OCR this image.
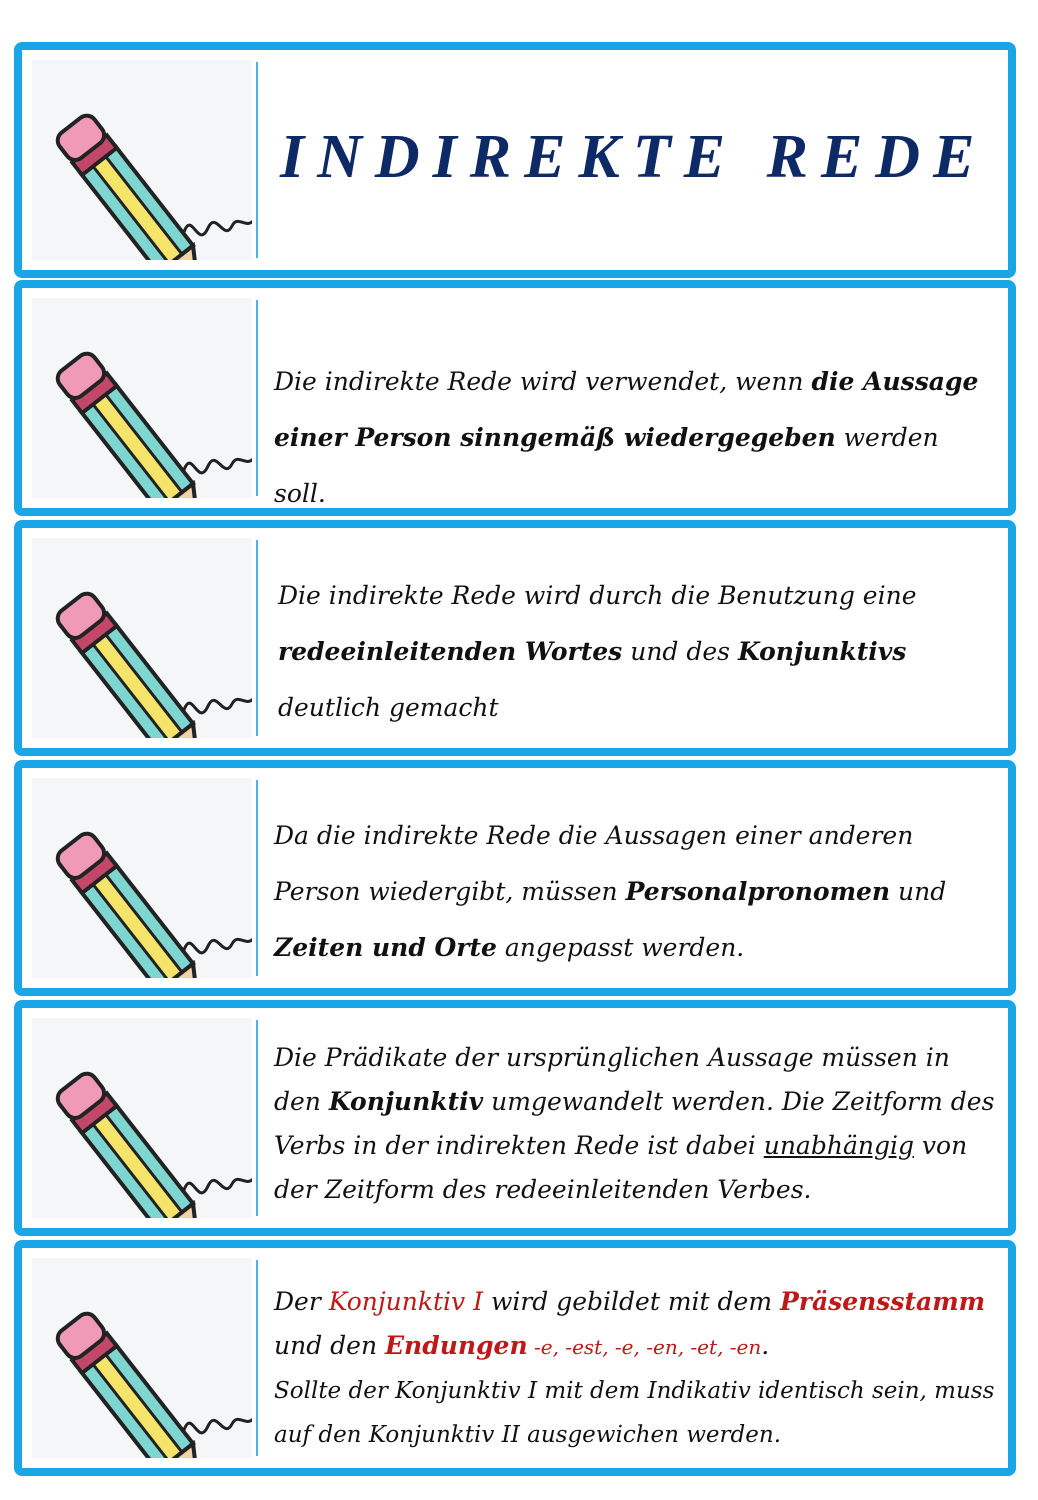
INDIREKTE REDE

Die indirekte Rede wird verwendet, wenn die Aussage einer Person sinngemäß wiedergegeben werden soll.

Die indirekte Rede wird durch die Benutzung eine redeeinleitenden Wortes und des Konjunktivs deutlich gemacht

Da die indirekte Rede die Aussagen einer anderen Person wiedergibt, müssen Personalpronomen und Zeiten und Orte angepasst werden.

Die Prädikate der ursprünglichen Aussage müssen in den Konjunktiv umgewandelt werden. Die Zeitform des Verbs in der indirekten Rede ist dabei unabhängig von der Zeitform des redeeinleitenden Verbes.

Der Konjunktiv I wird gebildet mit dem Präsensstamm und den Endungen -e, -est, -e, -en, -et, -en.

Sollte der Konjunktiv I mit dem Indikativ identisch sein, muss auf den Konjunktiv II ausgewichen werden.
